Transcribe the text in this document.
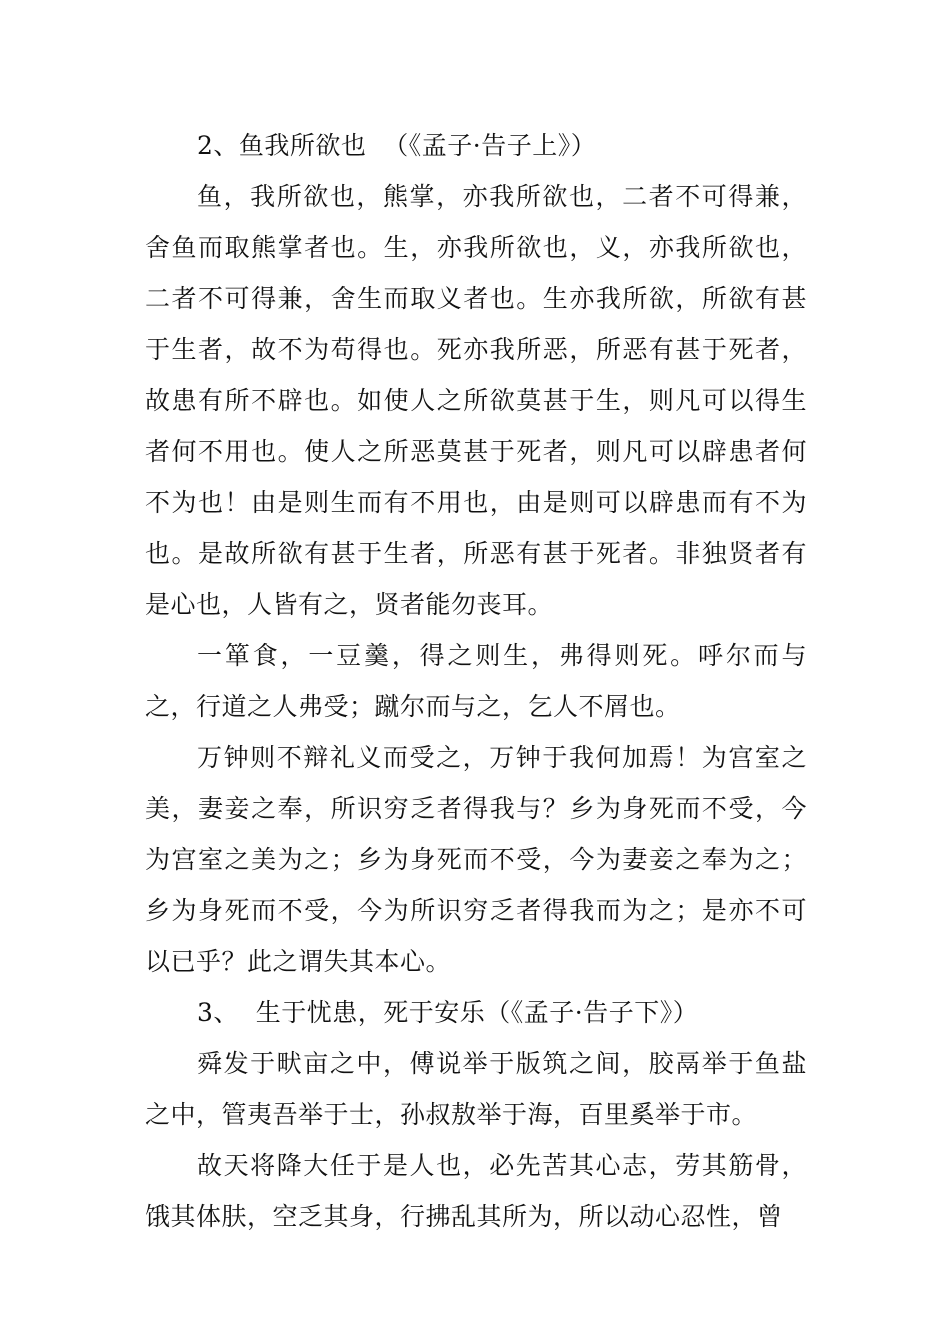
2、鱼我所欲也  （《孟子·告子上》）

鱼，我所欲也，熊掌，亦我所欲也，二者不可得兼，舍鱼而取熊掌者也。生，亦我所欲也，义，亦我所欲也，二者不可得兼，舍生而取义者也。生亦我所欲，所欲有甚于生者，故不为苟得也。死亦我所恶，所恶有甚于死者，故患有所不辟也。如使人之所欲莫甚于生，则凡可以得生者何不用也。使人之所恶莫甚于死者，则凡可以辟患者何不为也！由是则生而有不用也，由是则可以辟患而有不为也。是故所欲有甚于生者，所恶有甚于死者。非独贤者有是心也，人皆有之，贤者能勿丧耳。

一箪食，一豆羹，得之则生，弗得则死。呼尔而与之，行道之人弗受；蹴尔而与之，乞人不屑也。

万钟则不辩礼义而受之，万钟于我何加焉！为宫室之美，妻妾之奉，所识穷乏者得我与？乡为身死而不受，今为宫室之美为之；乡为身死而不受，今为妻妾之奉为之；乡为身死而不受，今为所识穷乏者得我而为之；是亦不可以已乎？此之谓失其本心。

3、  生于忧患，死于安乐（《孟子·告子下》）

舜发于畎亩之中，傅说举于版筑之间，胶鬲举于鱼盐之中，管夷吾举于士，孙叔敖举于海，百里奚举于市。

故天将降大任于是人也，必先苦其心志，劳其筋骨，饿其体肤，空乏其身，行拂乱其所为，所以动心忍性，曾
